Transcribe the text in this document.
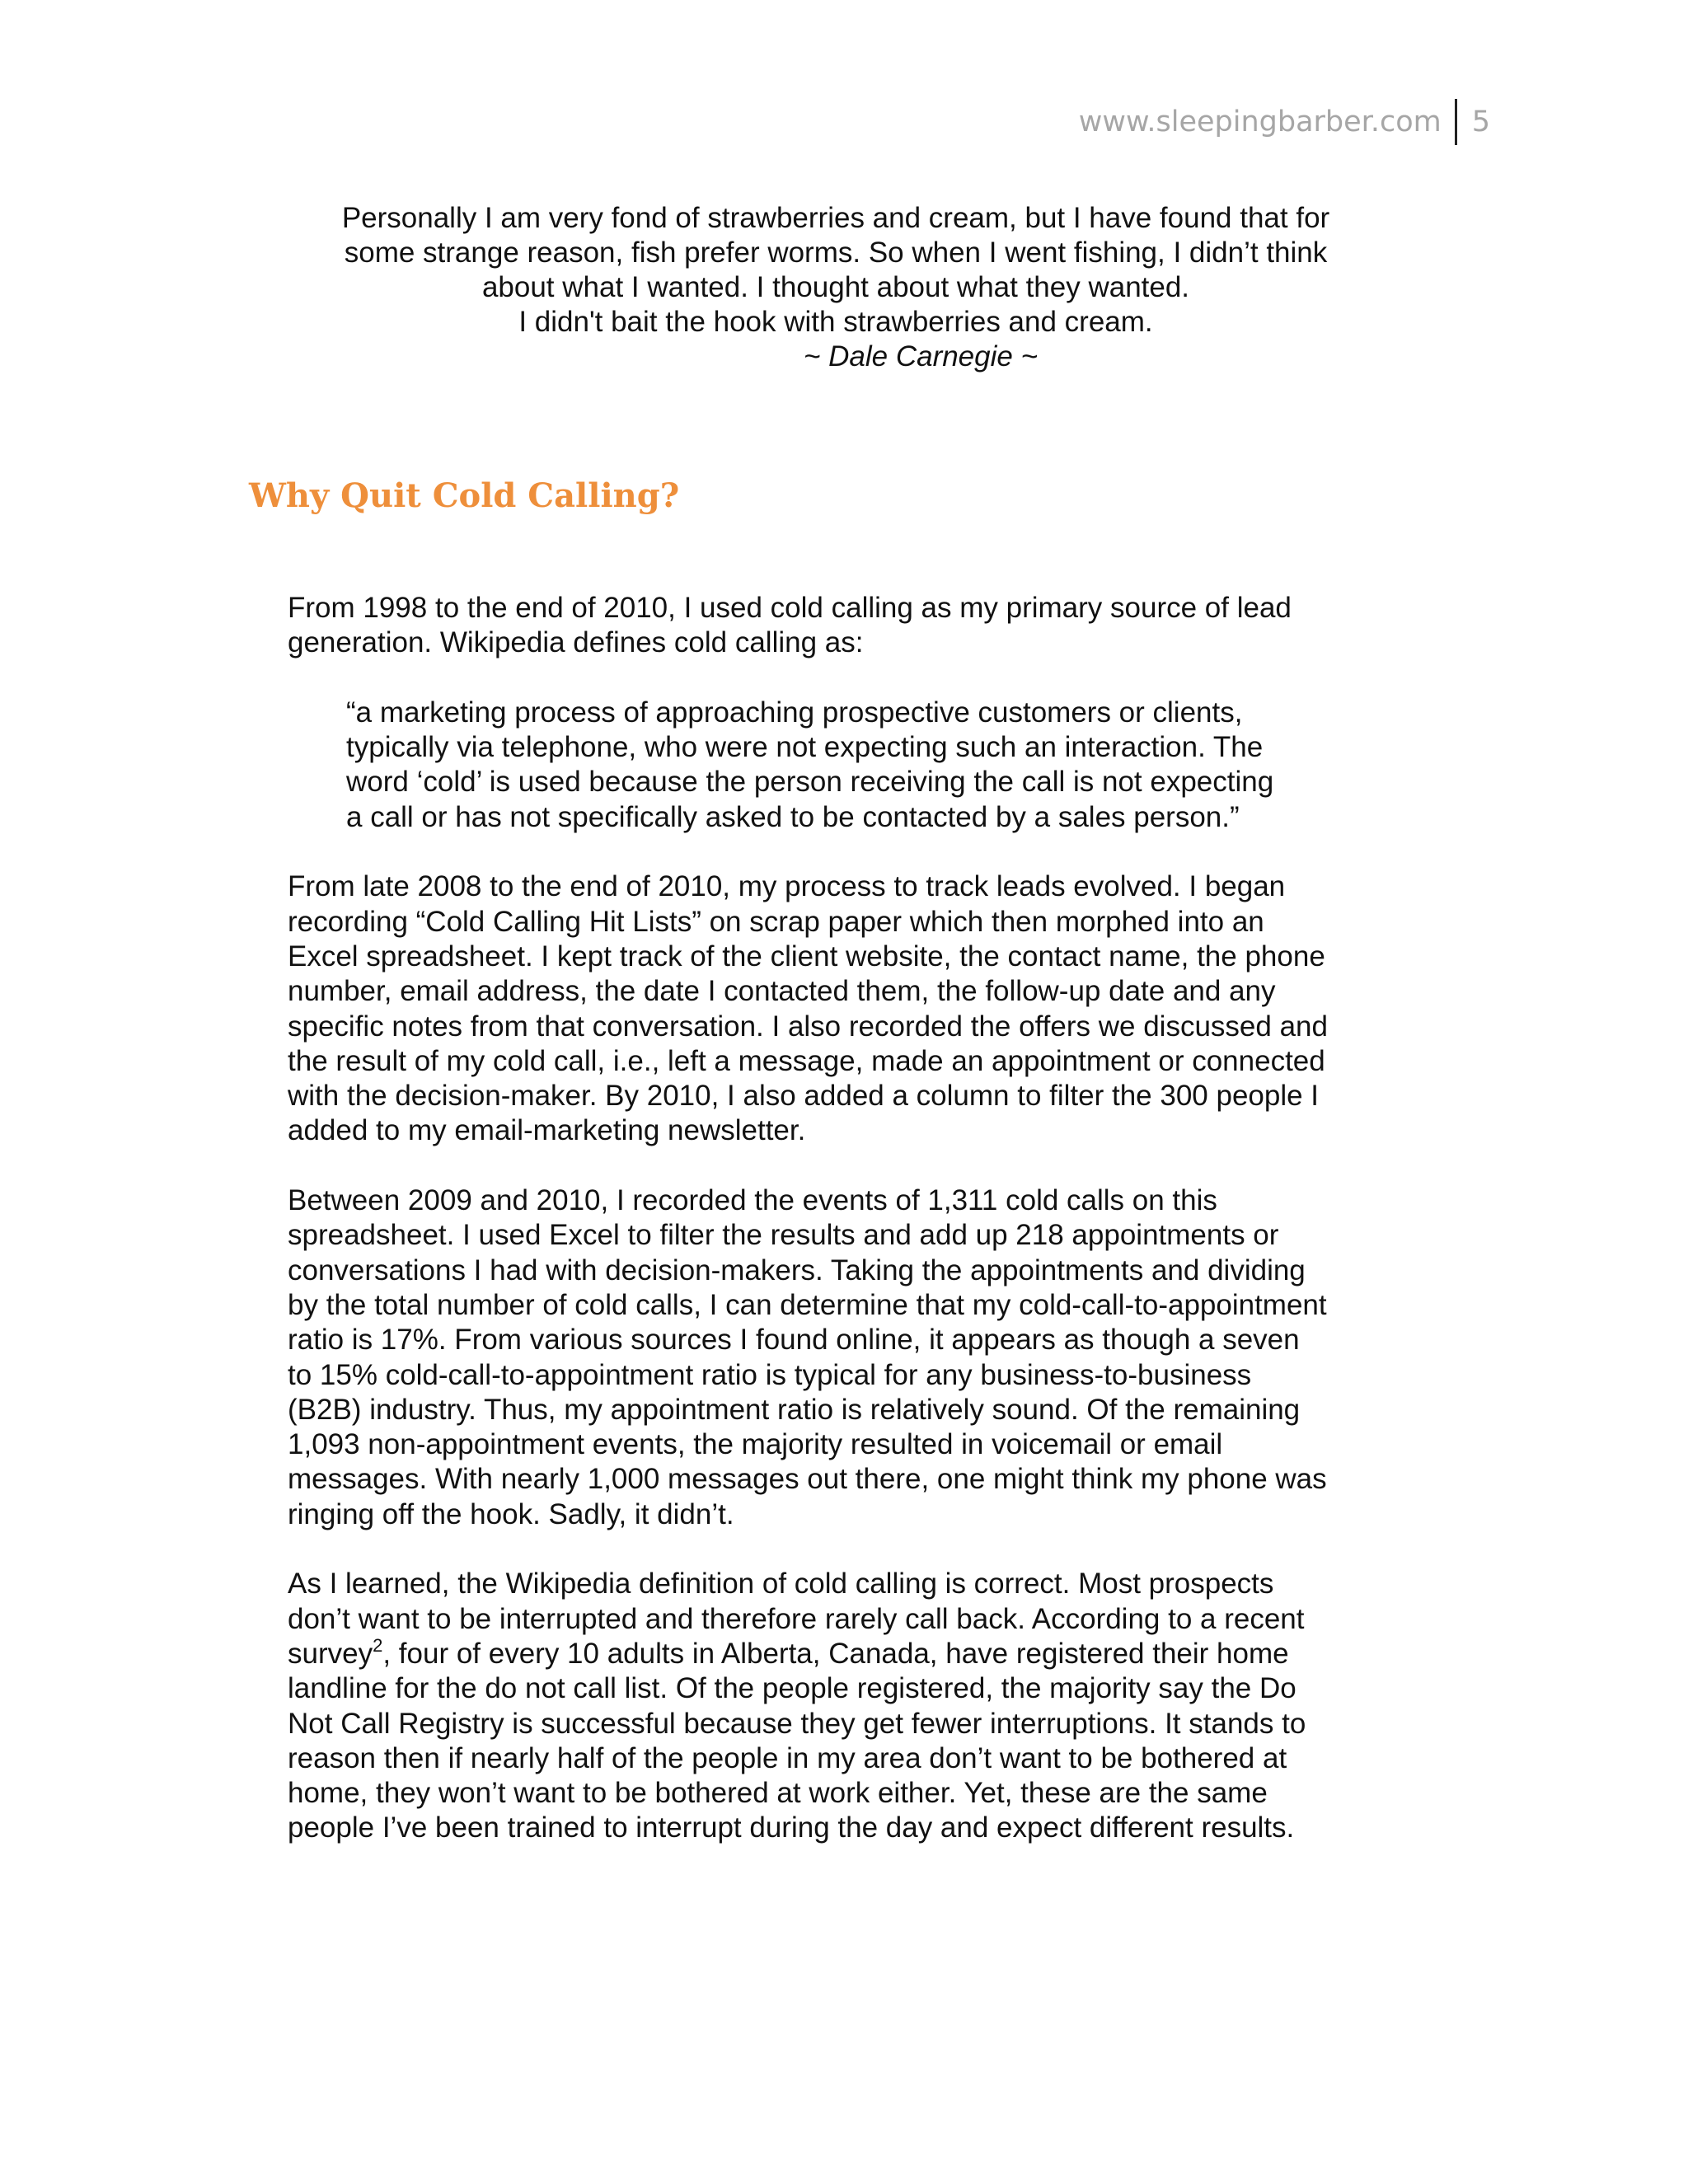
www.sleepingbarber.com	5
Personally I am very fond of strawberries and cream, but I have found that for
some strange reason, fish prefer worms. So when I went fishing, I didn’t think
about what I wanted. I thought about what they wanted.
I didn't bait the hook with strawberries and cream.
~ Dale Carnegie ~
Why Quit Cold Calling?

From 1998 to the end of 2010, I used cold calling as my primary source of lead
generation. Wikipedia defines cold calling as:

“a marketing process of approaching prospective customers or clients,
typically via telephone, who were not expecting such an interaction. The
word ‘cold’ is used because the person receiving the call is not expecting
a call or has not specifically asked to be contacted by a sales person.”

From late 2008 to the end of 2010, my process to track leads evolved. I began
recording “Cold Calling Hit Lists” on scrap paper which then morphed into an
Excel spreadsheet. I kept track of the client website, the contact name, the phone
number, email address, the date I contacted them, the follow-up date and any
specific notes from that conversation. I also recorded the offers we discussed and
the result of my cold call, i.e., left a message, made an appointment or connected
with the decision-maker. By 2010, I also added a column to filter the 300 people I
added to my email-marketing newsletter.

Between 2009 and 2010, I recorded the events of 1,311 cold calls on this
spreadsheet. I used Excel to filter the results and add up 218 appointments or
conversations I had with decision-makers. Taking the appointments and dividing
by the total number of cold calls, I can determine that my cold-call-to-appointment
ratio is 17%. From various sources I found online, it appears as though a seven
to 15% cold-call-to-appointment ratio is typical for any business-to-business
(B2B) industry. Thus, my appointment ratio is relatively sound. Of the remaining
1,093 non-appointment events, the majority resulted in voicemail or email
messages. With nearly 1,000 messages out there, one might think my phone was
ringing off the hook. Sadly, it didn’t.

As I learned, the Wikipedia definition of cold calling is correct. Most prospects
don’t want to be interrupted and therefore rarely call back. According to a recent
survey$^2$, four of every 10 adults in Alberta, Canada, have registered their home
landline for the do not call list. Of the people registered, the majority say the Do
Not Call Registry is successful because they get fewer interruptions. It stands to
reason then if nearly half of the people in my area don’t want to be bothered at
home, they won’t want to be bothered at work either. Yet, these are the same
people I’ve been trained to interrupt during the day and expect different results.
